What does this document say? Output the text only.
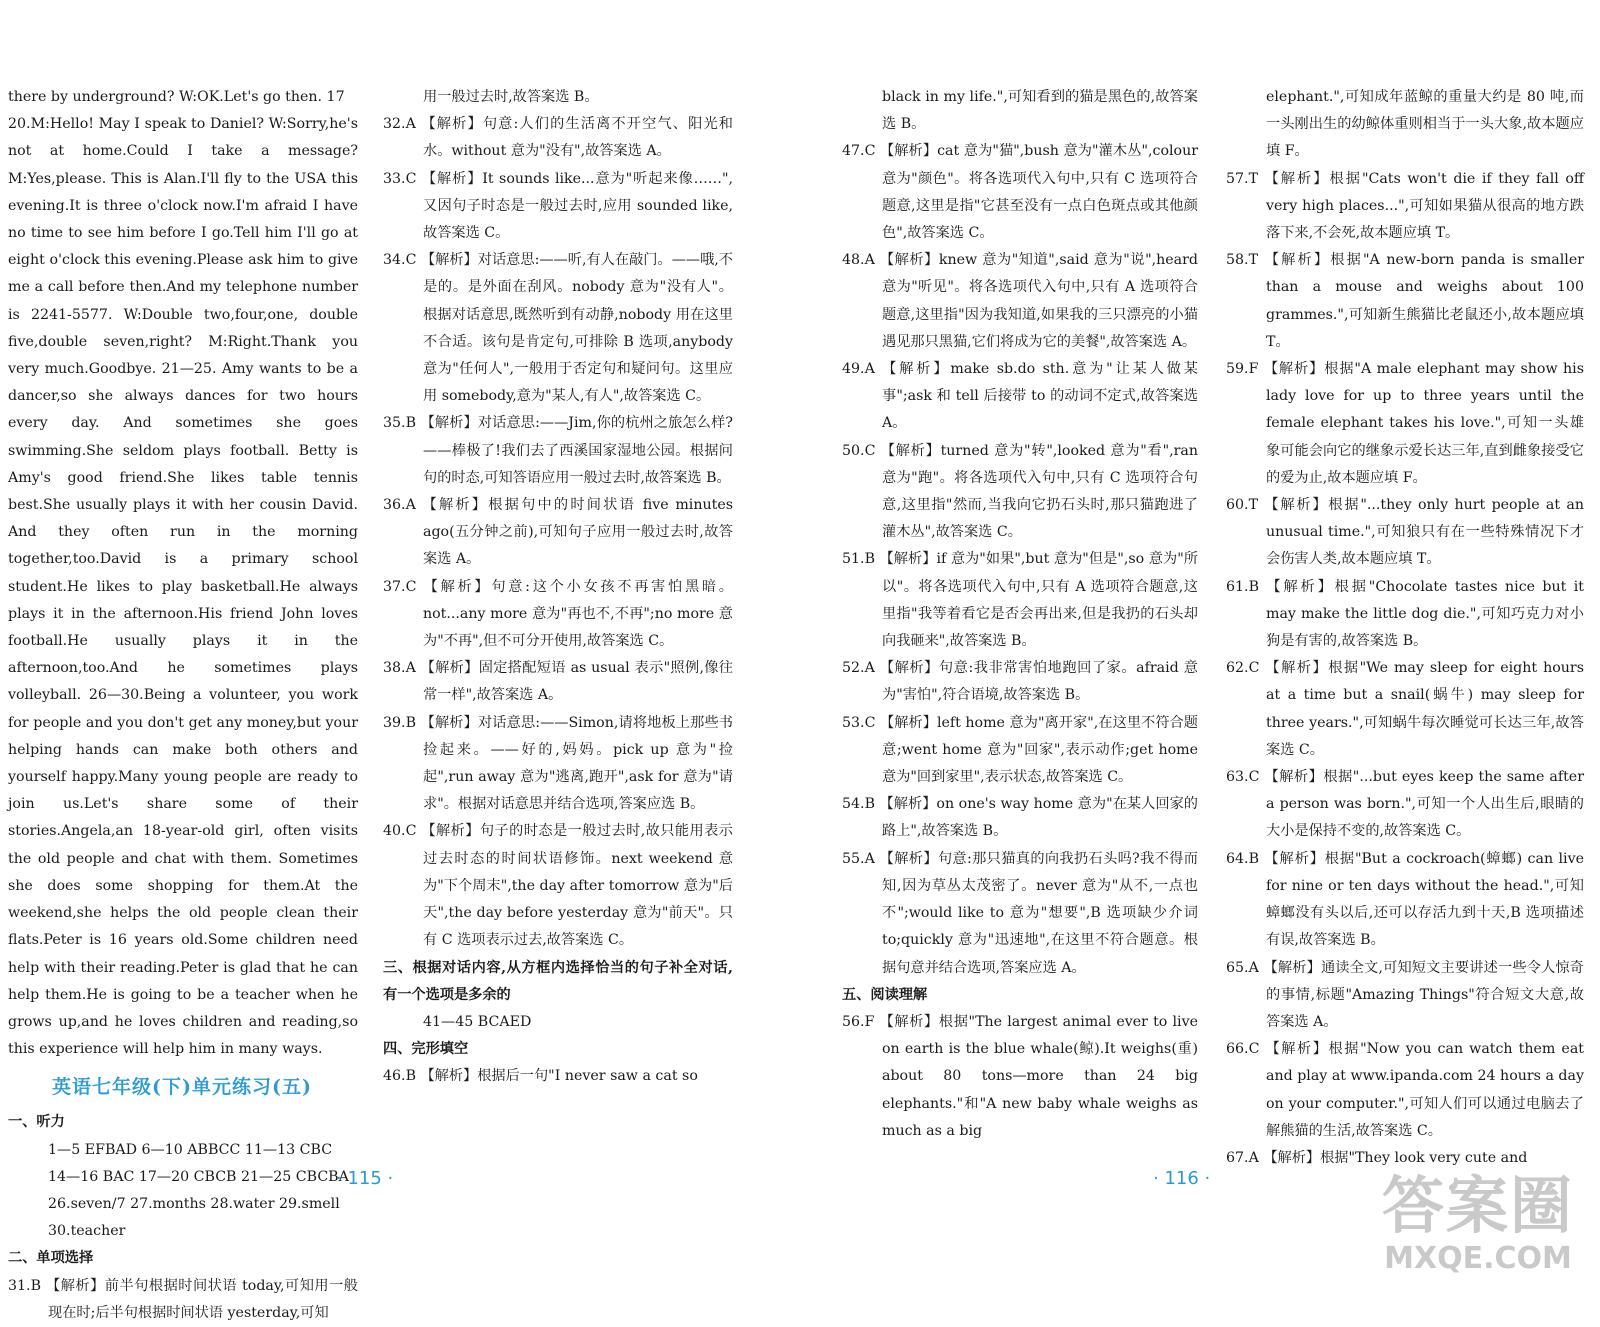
there by underground? W:OK.Let's go then. 17

20.M:Hello! May I speak to Daniel? W:Sorry,he's not at home.Could I take a message? M:Yes,please. This is Alan.I'll fly to the USA this evening.It is three o'clock now.I'm afraid I have no time to see him before I go.Tell him I'll go at eight o'clock this evening.Please ask him to give me a call before then.And my telephone number is 2241-5577. W:Double two,four,one, double five,double seven,right? M:Right.Thank you very much.Goodbye. 21—25. Amy wants to be a dancer,so she always dances for two hours every day. And sometimes she goes swimming.She seldom plays football. Betty is Amy's good friend.She likes table tennis best.She usually plays it with her cousin David. And they often run in the morning together,too.David is a primary school student.He likes to play basketball.He always plays it in the afternoon.His friend John loves football.He usually plays it in the afternoon,too.And he sometimes plays volleyball. 26—30.Being a volunteer, you work for people and you don't get any money,but your helping hands can make both others and yourself happy.Many young people are ready to join us.Let's share some of their stories.Angela,an 18-year-old girl, often visits the old people and chat with them. Sometimes she does some shopping for them.At the weekend,she helps the old people clean their flats.Peter is 16 years old.Some children need help with their reading.Peter is glad that he can help them.He is going to be a teacher when he grows up,and he loves children and reading,so this experience will help him in many ways.

英语七年级(下)单元练习(五)

一、听力

1—5 EFBAD 6—10 ABBCC 11—13 CBC

14—16 BAC 17—20 CBCB 21—25 CBCBA

26.seven/7 27.months 28.water 29.smell

30.teacher

二、单项选择

31.B 【解析】前半句根据时间状语 today,可知用一般现在时;后半句根据时间状语 yesterday,可知

用一般过去时,故答案选 B。

32.A 【解析】句意:人们的生活离不开空气、阳光和水。without 意为"没有",故答案选 A。

33.C 【解析】It sounds like...意为"听起来像……",又因句子时态是一般过去时,应用 sounded like,故答案选 C。

34.C 【解析】对话意思:——听,有人在敲门。——哦,不是的。是外面在刮风。nobody 意为"没有人"。根据对话意思,既然听到有动静,nobody 用在这里不合适。该句是肯定句,可排除 B 选项,anybody 意为"任何人",一般用于否定句和疑问句。这里应用 somebody,意为"某人,有人",故答案选 C。

35.B 【解析】对话意思:——Jim,你的杭州之旅怎么样?——棒极了!我们去了西溪国家湿地公园。根据问句的时态,可知答语应用一般过去时,故答案选 B。

36.A 【解析】根据句中的时间状语 five minutes ago(五分钟之前),可知句子应用一般过去时,故答案选 A。

37.C 【解析】句意:这个小女孩不再害怕黑暗。not...any more 意为"再也不,不再";no more 意为"不再",但不可分开使用,故答案选 C。

38.A 【解析】固定搭配短语 as usual 表示"照例,像往常一样",故答案选 A。

39.B 【解析】对话意思:——Simon,请将地板上那些书捡起来。——好的,妈妈。pick up 意为"捡起",run away 意为"逃离,跑开",ask for 意为"请求"。根据对话意思并结合选项,答案应选 B。

40.C 【解析】句子的时态是一般过去时,故只能用表示过去时态的时间状语修饰。next weekend 意为"下个周末",the day after tomorrow 意为"后天",the day before yesterday 意为"前天"。只有 C 选项表示过去,故答案选 C。

三、根据对话内容,从方框内选择恰当的句子补全对话,有一个选项是多余的

41—45 BCAED

四、完形填空

46.B 【解析】根据后一句"I never saw a cat so

black in my life.",可知看到的猫是黑色的,故答案选 B。

47.C 【解析】cat 意为"猫",bush 意为"灌木丛",colour 意为"颜色"。将各选项代入句中,只有 C 选项符合题意,这里是指"它甚至没有一点白色斑点或其他颜色",故答案选 C。

48.A 【解析】knew 意为"知道",said 意为"说",heard 意为"听见"。将各选项代入句中,只有 A 选项符合题意,这里指"因为我知道,如果我的三只漂亮的小猫遇见那只黑猫,它们将成为它的美餐",故答案选 A。

49.A 【解析】make sb.do sth.意为"让某人做某事";ask 和 tell 后接带 to 的动词不定式,故答案选 A。

50.C 【解析】turned 意为"转",looked 意为"看",ran 意为"跑"。将各选项代入句中,只有 C 选项符合句意,这里指"然而,当我向它扔石头时,那只猫跑进了灌木丛",故答案选 C。

51.B 【解析】if 意为"如果",but 意为"但是",so 意为"所以"。将各选项代入句中,只有 A 选项符合题意,这里指"我等着看它是否会再出来,但是我扔的石头却向我砸来",故答案选 B。

52.A 【解析】句意:我非常害怕地跑回了家。afraid 意为"害怕",符合语境,故答案选 B。

53.C 【解析】left home 意为"离开家",在这里不符合题意;went home 意为"回家",表示动作;get home 意为"回到家里",表示状态,故答案选 C。

54.B 【解析】on one's way home 意为"在某人回家的路上",故答案选 B。

55.A 【解析】句意:那只猫真的向我扔石头吗?我不得而知,因为草丛太茂密了。never 意为"从不,一点也不";would like to 意为"想要",B 选项缺少介词 to;quickly 意为"迅速地",在这里不符合题意。根据句意并结合选项,答案应选 A。

五、阅读理解

56.F 【解析】根据"The largest animal ever to live on earth is the blue whale(鲸).It weighs(重) about 80 tons—more than 24 big elephants."和"A new baby whale weighs as much as a big

elephant.",可知成年蓝鲸的重量大约是 80 吨,而一头刚出生的幼鲸体重则相当于一头大象,故本题应填 F。

57.T 【解析】根据"Cats won't die if they fall off very high places...",可知如果猫从很高的地方跌落下来,不会死,故本题应填 T。

58.T 【解析】根据"A new-born panda is smaller than a mouse and weighs about 100 grammes.",可知新生熊猫比老鼠还小,故本题应填 T。

59.F 【解析】根据"A male elephant may show his lady love for up to three years until the female elephant takes his love.",可知一头雄象可能会向它的继象示爱长达三年,直到雌象接受它的爱为止,故本题应填 F。

60.T 【解析】根据"...they only hurt people at an unusual time.",可知狼只有在一些特殊情况下才会伤害人类,故本题应填 T。

61.B 【解析】根据"Chocolate tastes nice but it may make the little dog die.",可知巧克力对小狗是有害的,故答案选 B。

62.C 【解析】根据"We may sleep for eight hours at a time but a snail(蜗牛) may sleep for three years.",可知蜗牛每次睡觉可长达三年,故答案选 C。

63.C 【解析】根据"...but eyes keep the same after a person was born.",可知一个人出生后,眼睛的大小是保持不变的,故答案选 C。

64.B 【解析】根据"But a cockroach(蟑螂) can live for nine or ten days without the head.",可知蟑螂没有头以后,还可以存活九到十天,B 选项描述有误,故答案选 B。

65.A 【解析】通读全文,可知短文主要讲述一些令人惊奇的事情,标题"Amazing Things"符合短文大意,故答案选 A。

66.C 【解析】根据"Now you can watch them eat and play at www.ipanda.com 24 hours a day on your computer.",可知人们可以通过电脑去了解熊猫的生活,故答案选 C。

67.A 【解析】根据"They look very cute and

· 115 ·	· 116 ·	答案圈
MXQE.COM
